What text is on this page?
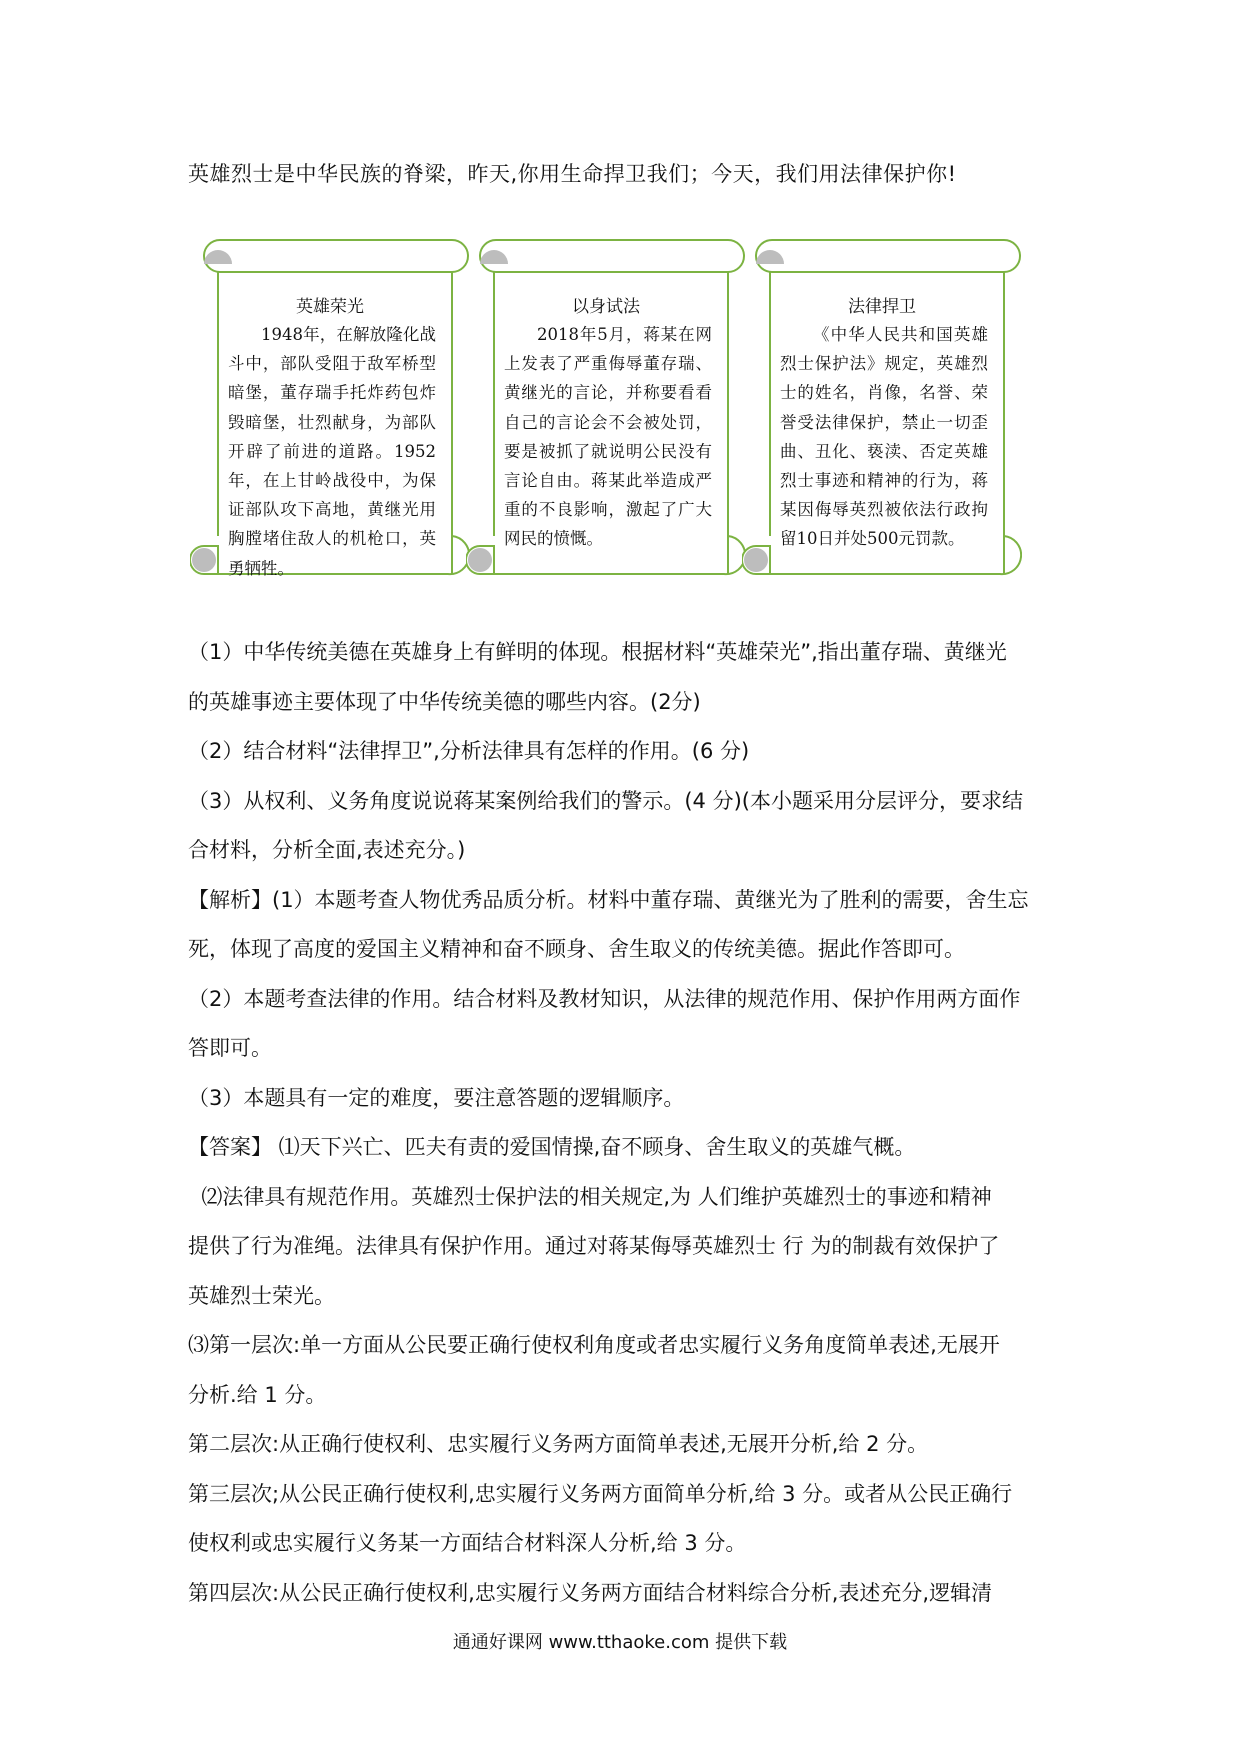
英雄烈士是中华民族的脊梁，昨天,你用生命捍卫我们；今天，我们用法律保护你!
英雄荣光

1948年，在解放隆化战斗中，部队受阻于敌军桥型暗堡，董存瑞手托炸药包炸毁暗堡，壮烈献身，为部队开辟了前进的道路。1952年，在上甘岭战役中，为保证部队攻下高地，黄继光用胸膛堵住敌人的机枪口，英勇牺牲。

以身试法

2018年5月，蒋某在网上发表了严重侮辱董存瑞、黄继光的言论，并称要看看自己的言论会不会被处罚，要是被抓了就说明公民没有言论自由。蒋某此举造成严重的不良影响，激起了广大网民的愤慨。

法律捍卫

《中华人民共和国英雄烈士保护法》规定，英雄烈士的姓名，肖像，名誉、荣誉受法律保护，禁止一切歪曲、丑化、亵渎、否定英雄烈士事迹和精神的行为，蒋某因侮辱英烈被依法行政拘留10日并处500元罚款。

（1）中华传统美德在英雄身上有鲜明的体现。根据材料“英雄荣光”,指出董存瑞、黄继光
的英雄事迹主要体现了中华传统美德的哪些内容。(2分)
（2）结合材料“法律捍卫”,分析法律具有怎样的作用。(6 分)
（3）从权利、义务角度说说蒋某案例给我们的警示。(4 分)(本小题采用分层评分，要求结
合材料，分析全面,表述充分。)
【解析】(1）本题考查人物优秀品质分析。材料中董存瑞、黄继光为了胜利的需要，舍生忘
死，体现了高度的爱国主义精神和奋不顾身、舍生取义的传统美德。据此作答即可。
（2）本题考查法律的作用。结合材料及教材知识，从法律的规范作用、保护作用两方面作
答即可。
（3）本题具有一定的难度，要注意答题的逻辑顺序。
【答案】 ⑴天下兴亡、匹夫有责的爱国情操,奋不顾身、舍生取义的英雄气概。
⑵法律具有规范作用。英雄烈士保护法的相关规定,为 人们维护英雄烈士的事迹和精神
提供了行为准绳。法律具有保护作用。通过对蒋某侮辱英雄烈士 行 为的制裁有效保护了
英雄烈士荣光。
⑶第一层次:单一方面从公民要正确行使权利角度或者忠实履行义务角度简单表述,无展开
分析.给 1 分。
第二层次:从正确行使权利、忠实履行义务两方面简单表述,无展开分析,给 2 分。
第三层次;从公民正确行使权利,忠实履行义务两方面简单分析,给 3 分。或者从公民正确行
使权利或忠实履行义务某一方面结合材料深人分析,给 3 分。
第四层次:从公民正确行使权利,忠实履行义务两方面结合材料综合分析,表述充分,逻辑清
通通好课网 www.tthaoke.com 提供下载
